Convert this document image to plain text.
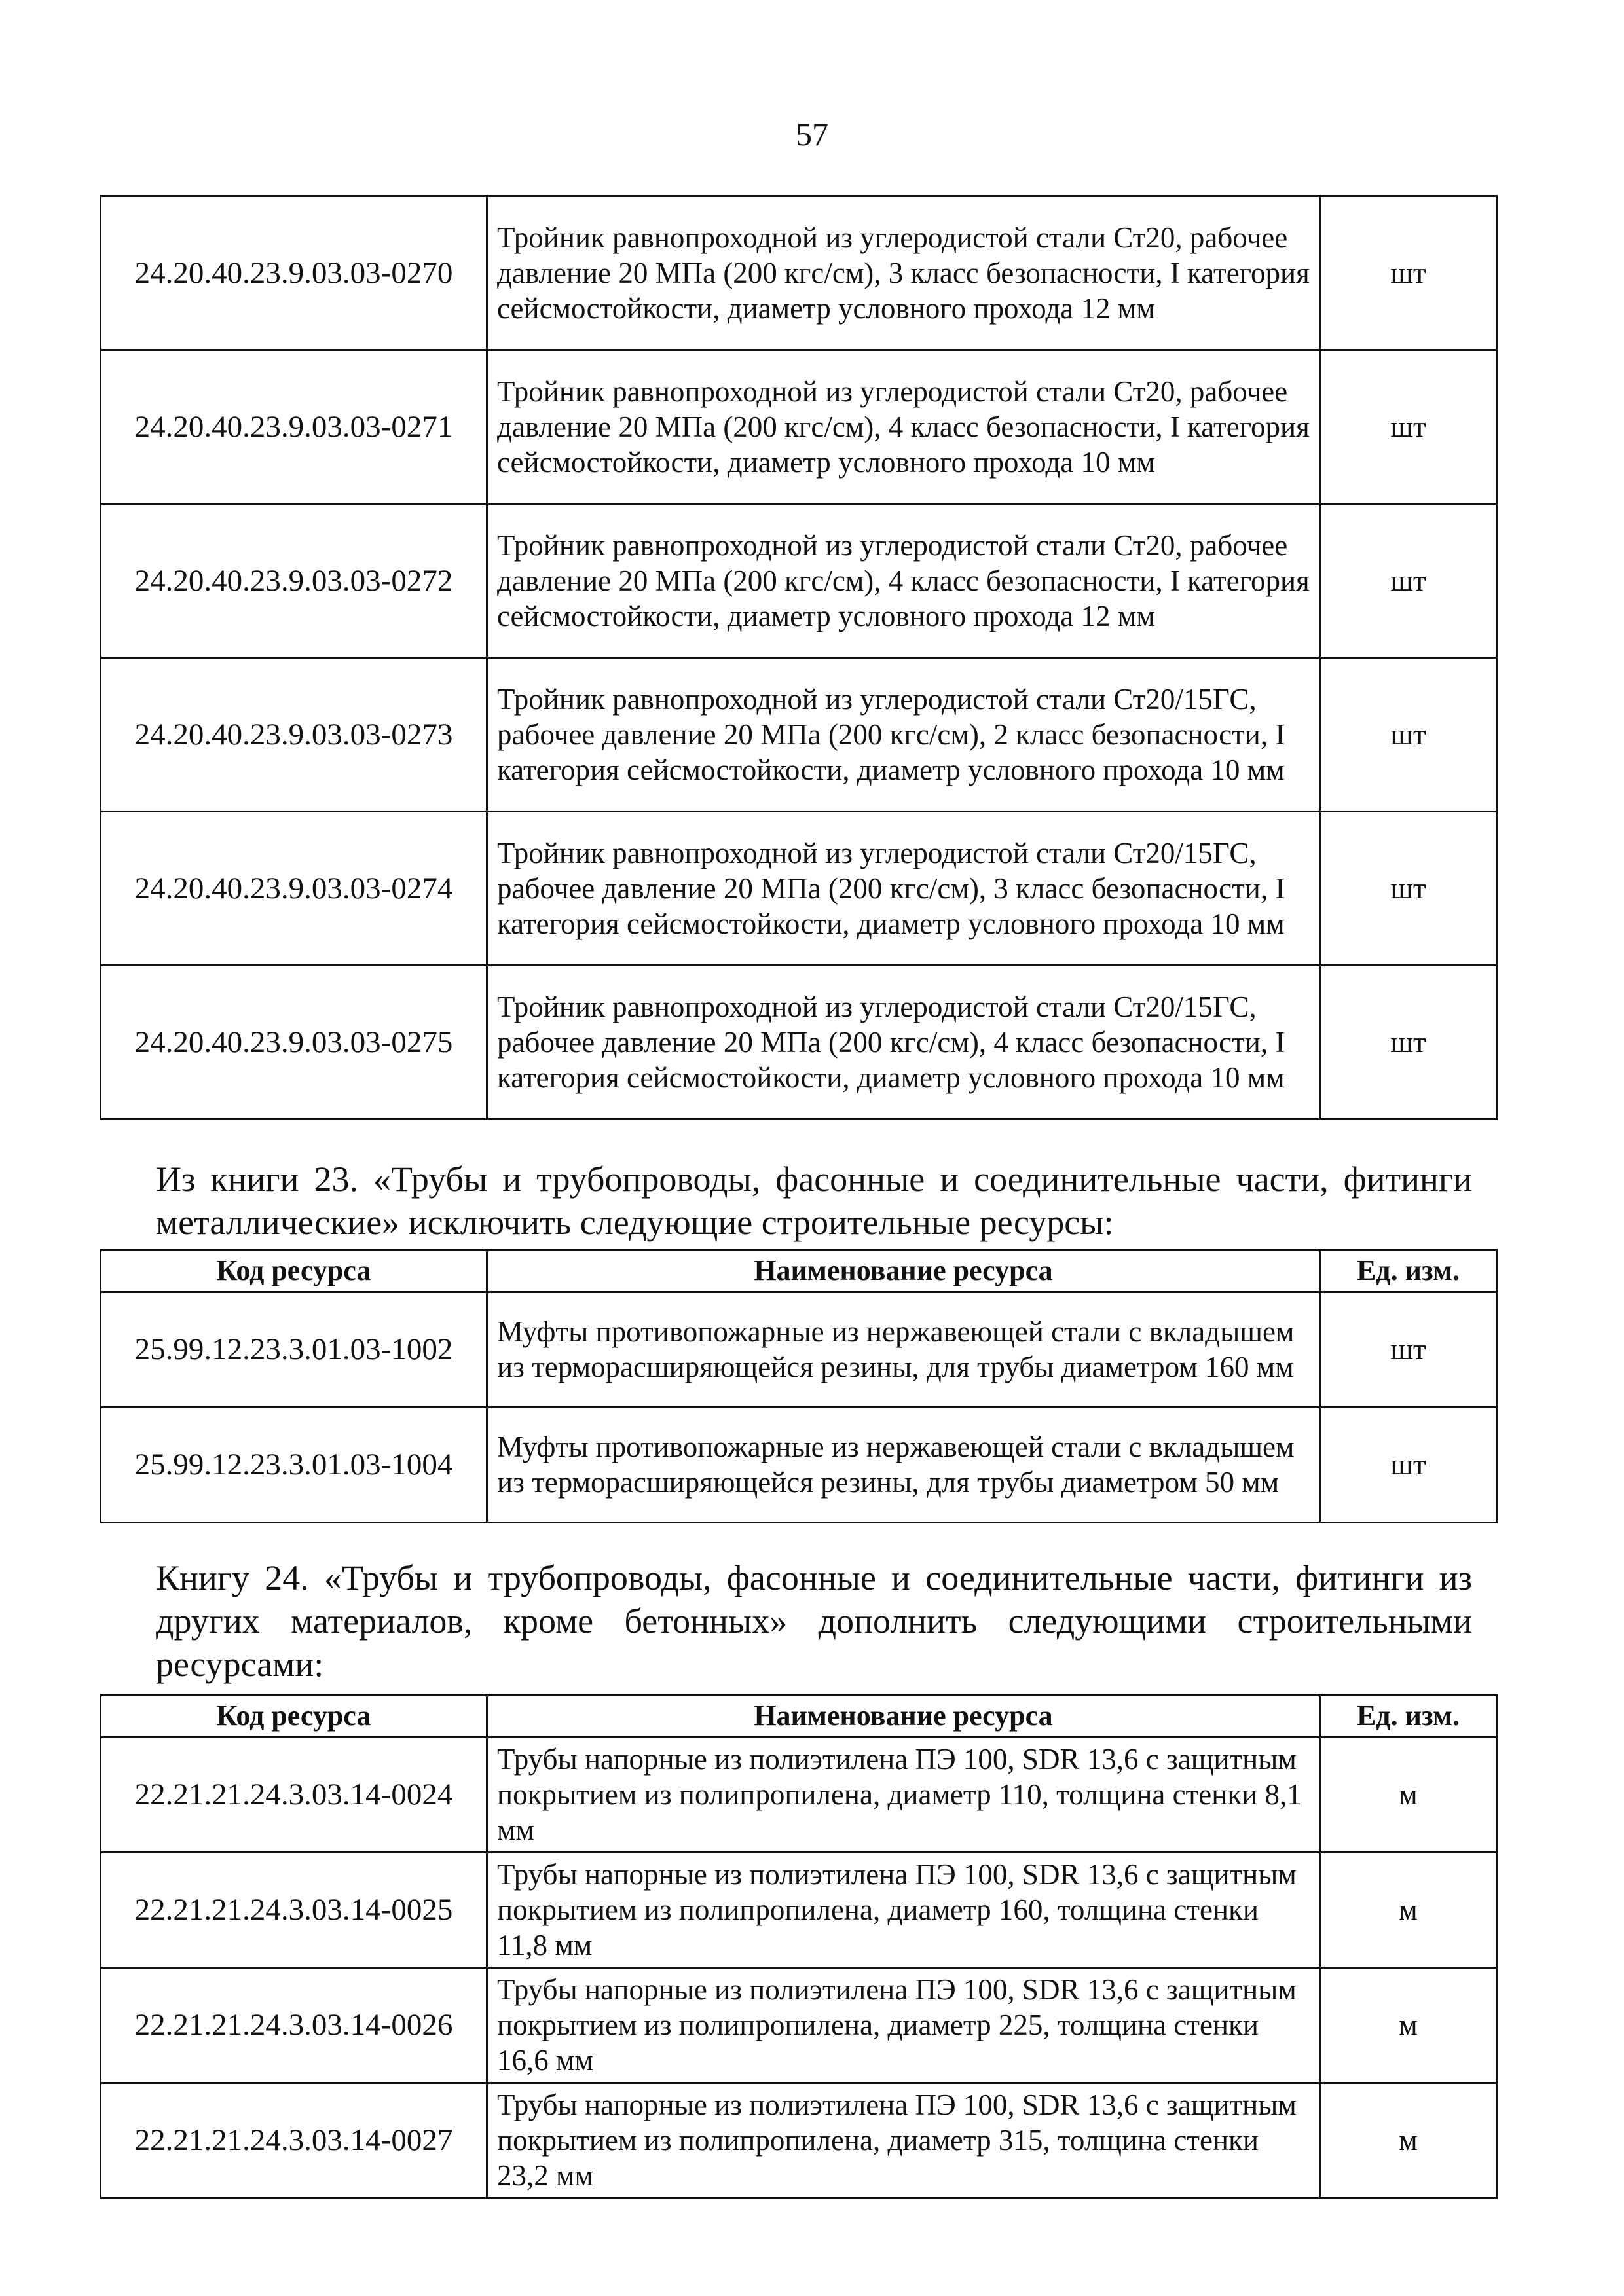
57
24.20.40.23.9.03.03-0270	Тройник равнопроходной из углеродистой стали Ст20, рабочее давление 20 МПа (200 кгс/см), 3 класс безопасности, I категория сейсмостойкости, диаметр условного прохода 12 мм	шт
24.20.40.23.9.03.03-0271	Тройник равнопроходной из углеродистой стали Ст20, рабочее давление 20 МПа (200 кгс/см), 4 класс безопасности, I категория сейсмостойкости, диаметр условного прохода 10 мм	шт
24.20.40.23.9.03.03-0272	Тройник равнопроходной из углеродистой стали Ст20, рабочее давление 20 МПа (200 кгс/см), 4 класс безопасности, I категория сейсмостойкости, диаметр условного прохода 12 мм	шт
24.20.40.23.9.03.03-0273	Тройник равнопроходной из углеродистой стали Ст20/15ГС, рабочее давление 20 МПа (200 кгс/см), 2 класс безопасности, I категория сейсмостойкости, диаметр условного прохода 10 мм	шт
24.20.40.23.9.03.03-0274	Тройник равнопроходной из углеродистой стали Ст20/15ГС, рабочее давление 20 МПа (200 кгс/см), 3 класс безопасности, I категория сейсмостойкости, диаметр условного прохода 10 мм	шт
24.20.40.23.9.03.03-0275	Тройник равнопроходной из углеродистой стали Ст20/15ГС, рабочее давление 20 МПа (200 кгс/см), 4 класс безопасности, I категория сейсмостойкости, диаметр условного прохода 10 мм	шт

Из книги 23. «Трубы и трубопроводы, фасонные и соединительные части, фитинги металлические» исключить следующие строительные ресурсы:

Код ресурса	Наименование ресурса	Ед. изм.
25.99.12.23.3.01.03-1002	Муфты противопожарные из нержавеющей стали с вкладышем из терморасширяющейся резины, для трубы диаметром 160 мм	шт
25.99.12.23.3.01.03-1004	Муфты противопожарные из нержавеющей стали с вкладышем из терморасширяющейся резины, для трубы диаметром 50 мм	шт

Книгу 24. «Трубы и трубопроводы, фасонные и соединительные части, фитинги из других материалов, кроме бетонных» дополнить следующими строительными ресурсами:

Код ресурса	Наименование ресурса	Ед. изм.
22.21.21.24.3.03.14-0024	Трубы напорные из полиэтилена ПЭ 100, SDR 13,6 с защитным покрытием из полипропилена, диаметр 110, толщина стенки 8,1 мм	м
22.21.21.24.3.03.14-0025	Трубы напорные из полиэтилена ПЭ 100, SDR 13,6 с защитным покрытием из полипропилена, диаметр 160, толщина стенки 11,8 мм	м
22.21.21.24.3.03.14-0026	Трубы напорные из полиэтилена ПЭ 100, SDR 13,6 с защитным покрытием из полипропилена, диаметр 225, толщина стенки 16,6 мм	м
22.21.21.24.3.03.14-0027	Трубы напорные из полиэтилена ПЭ 100, SDR 13,6 с защитным покрытием из полипропилена, диаметр 315, толщина стенки 23,2 мм	м
